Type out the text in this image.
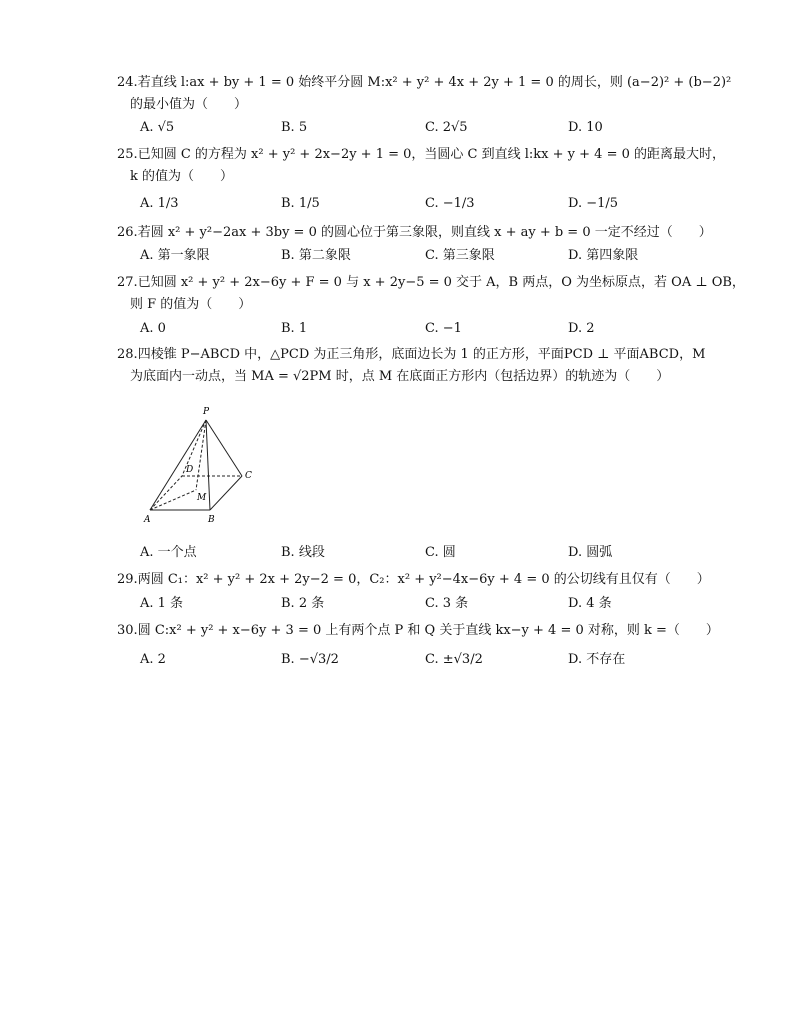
24.若直线 l:ax + by + 1 = 0 始终平分圆 M:x² + y² + 4x + 2y + 1 = 0 的周长，则 (a−2)² + (b−2)²
的最小值为（　　）
A. √5	B. 5	C. 2√5	D. 10
25.已知圆 C 的方程为 x² + y² + 2x−2y + 1 = 0，当圆心 C 到直线 l:kx + y + 4 = 0 的距离最大时，
k 的值为（　　）
A. 1/3	B. 1/5	C. −1/3	D. −1/5
26.若圆 x² + y²−2ax + 3by = 0 的圆心位于第三象限，则直线 x + ay + b = 0 一定不经过（　　）
A. 第一象限	B. 第二象限	C. 第三象限	D. 第四象限
27.已知圆 x² + y² + 2x−6y + F = 0 与 x + 2y−5 = 0 交于 A，B 两点，O 为坐标原点，若 OA ⊥ OB，
则 F 的值为（　　）
A. 0	B. 1	C. −1	D. 2
28.四棱锥 P−ABCD 中，△PCD 为正三角形，底面边长为 1 的正方形，平面PCD ⊥ 平面ABCD，M
为底面内一动点，当 MA = √2PM 时，点 M 在底面正方形内（包括边界）的轨迹为（　　）
P
A	B
C
D
M
A. 一个点	B. 线段	C. 圆	D. 圆弧
29.两圆 C₁：x² + y² + 2x + 2y−2 = 0，C₂：x² + y²−4x−6y + 4 = 0 的公切线有且仅有（　　）
A. 1 条	B. 2 条	C. 3 条	D. 4 条
30.圆 C:x² + y² + x−6y + 3 = 0 上有两个点 P 和 Q 关于直线 kx−y + 4 = 0 对称，则 k =（　　）
A. 2	B. −√3/2	C. ±√3/2	D. 不存在
